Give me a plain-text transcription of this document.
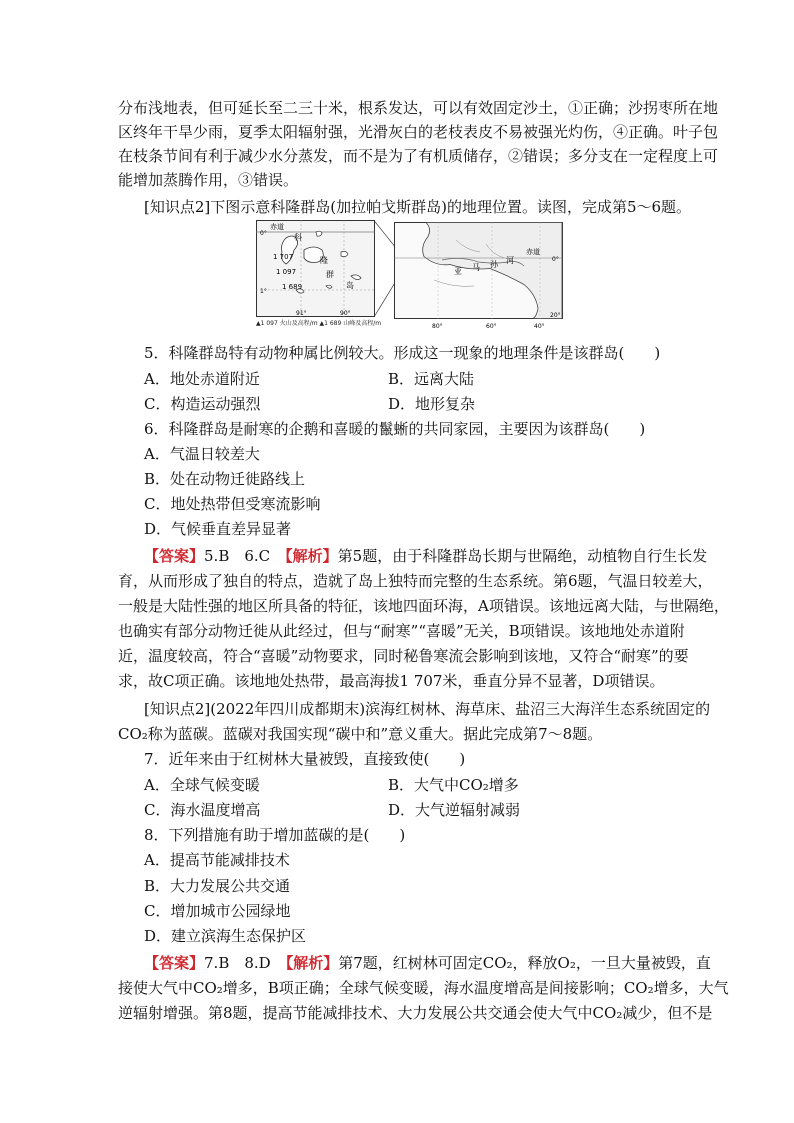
分布浅地表，但可延长至二三十米，根系发达，可以有效固定沙土，①正确；沙拐枣所在地
区终年干旱少雨，夏季太阳辐射强，光滑灰白的老枝表皮不易被强光灼伤，④正确。叶子包
在枝条节间有利于减少水分蒸发，而不是为了有机质储存，②错误；多分支在一定程度上可
能增加蒸腾作用，③错误。
[知识点2]下图示意科隆群岛(加拉帕戈斯群岛)的地理位置。读图，完成第5～6题。
赤道
0°
1°
科
隆
群
岛
1 707
1 097
1 689
91°	90°
赤道
0°
20°
80°	60°	40°
亚 马 孙 河
▲1 097 火山及高程/m ▲1 689 山峰及高程/m
5．科隆群岛特有动物种属比例较大。形成这一现象的地理条件是该群岛(　　)
A．地处赤道附近	B．远离大陆
C．构造运动强烈	D．地形复杂
6．科隆群岛是耐寒的企鹅和喜暖的鬣蜥的共同家园，主要因为该群岛(　　)
A．气温日较差大
B．处在动物迁徙路线上
C．地处热带但受寒流影响
D．气候垂直差异显著
【答案】5.B　6.C　【解析】第5题，由于科隆群岛长期与世隔绝，动植物自行生长发
育，从而形成了独自的特点，造就了岛上独特而完整的生态系统。第6题，气温日较差大，
一般是大陆性强的地区所具备的特征，该地四面环海，A项错误。该地远离大陆，与世隔绝，
也确实有部分动物迁徙从此经过，但与“耐寒”“喜暖”无关，B项错误。该地地处赤道附
近，温度较高，符合“喜暖”动物要求，同时秘鲁寒流会影响到该地，又符合“耐寒”的要
求，故C项正确。该地地处热带，最高海拔1 707米，垂直分异不显著，D项错误。
[知识点2](2022年四川成都期末)滨海红树林、海草床、盐沼三大海洋生态系统固定的
CO₂称为蓝碳。蓝碳对我国实现“碳中和”意义重大。据此完成第7～8题。
7．近年来由于红树林大量被毁，直接致使(　　)
A．全球气候变暖	B．大气中CO₂增多
C．海水温度增高	D．大气逆辐射减弱
8．下列措施有助于增加蓝碳的是(　　)
A．提高节能减排技术
B．大力发展公共交通
C．增加城市公园绿地
D．建立滨海生态保护区
【答案】7.B　8.D　【解析】第7题，红树林可固定CO₂，释放O₂，一旦大量被毁，直
接使大气中CO₂增多，B项正确；全球气候变暖，海水温度增高是间接影响；CO₂增多，大气
逆辐射增强。第8题，提高节能减排技术、大力发展公共交通会使大气中CO₂减少，但不是
